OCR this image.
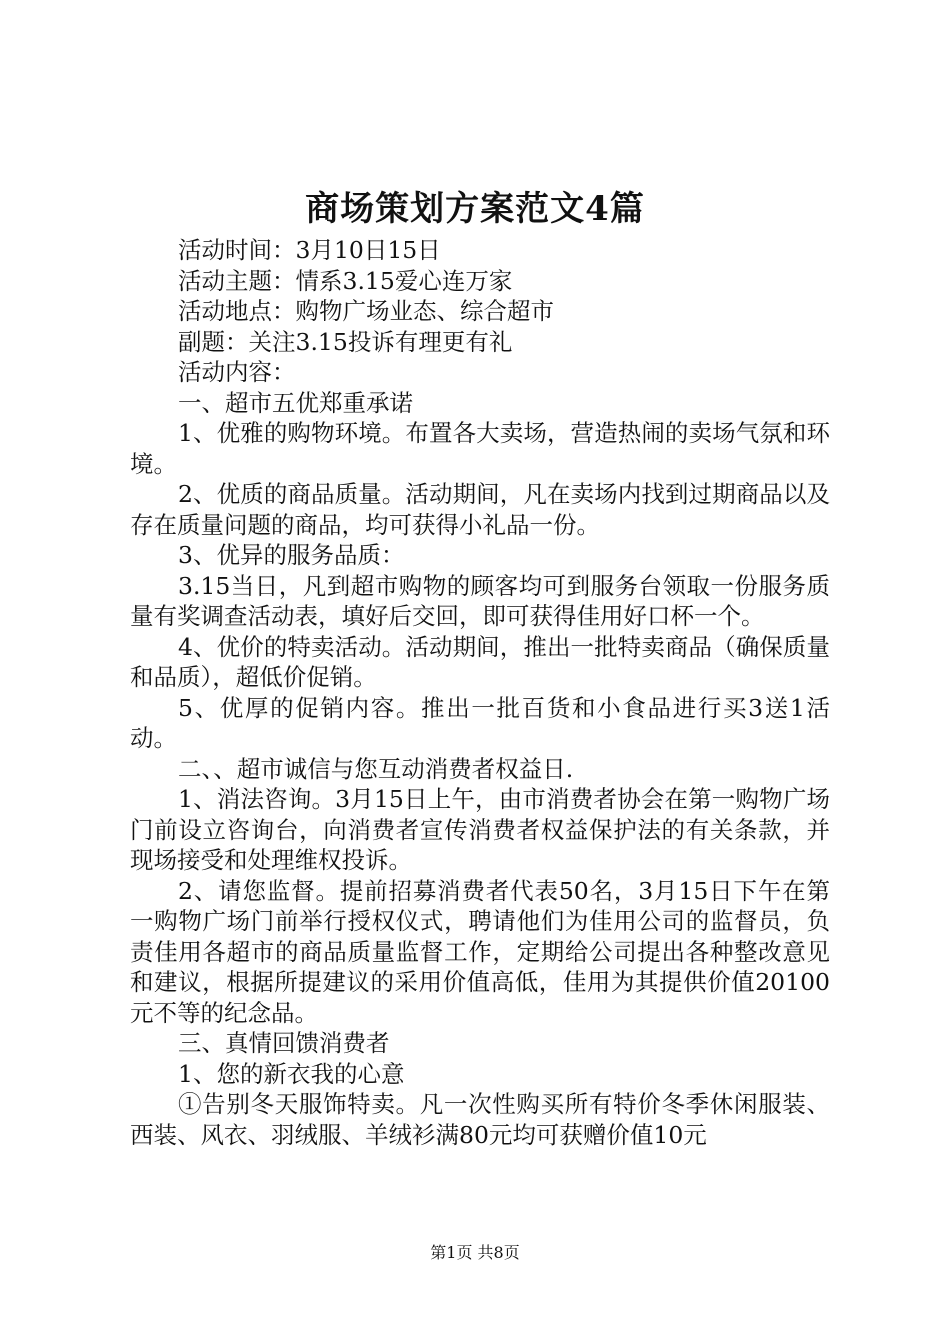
商场策划方案范文4篇

活动时间：3月10日15日

活动主题：情系3.15爱心连万家

活动地点：购物广场业态、综合超市

副题：关注3.15投诉有理更有礼

活动内容：

一、超市五优郑重承诺

1、优雅的购物环境。布置各大卖场，营造热闹的卖场气氛和环境。

2、优质的商品质量。活动期间，凡在卖场内找到过期商品以及存在质量问题的商品，均可获得小礼品一份。

3、优异的服务品质：

3.15当日，凡到超市购物的顾客均可到服务台领取一份服务质量有奖调查活动表，填好后交回，即可获得佳用好口杯一个。

4、优价的特卖活动。活动期间，推出一批特卖商品（确保质量和品质），超低价促销。

5、优厚的促销内容。推出一批百货和小食品进行买3送1活动。

二、、超市诚信与您互动消费者权益日.

1、消法咨询。3月15日上午，由市消费者协会在第一购物广场门前设立咨询台，向消费者宣传消费者权益保护法的有关条款，并现场接受和处理维权投诉。

2、请您监督。提前招募消费者代表50名，3月15日下午在第一购物广场门前举行授权仪式，聘请他们为佳用公司的监督员，负责佳用各超市的商品质量监督工作，定期给公司提出各种整改意见和建议，根据所提建议的采用价值高低，佳用为其提供价值20100元不等的纪念品。

三、真情回馈消费者

1、您的新衣我的心意

①告别冬天服饰特卖。凡一次性购买所有特价冬季休闲服装、西装、风衣、羽绒服、羊绒衫满80元均可获赠价值10元

第1页 共8页
